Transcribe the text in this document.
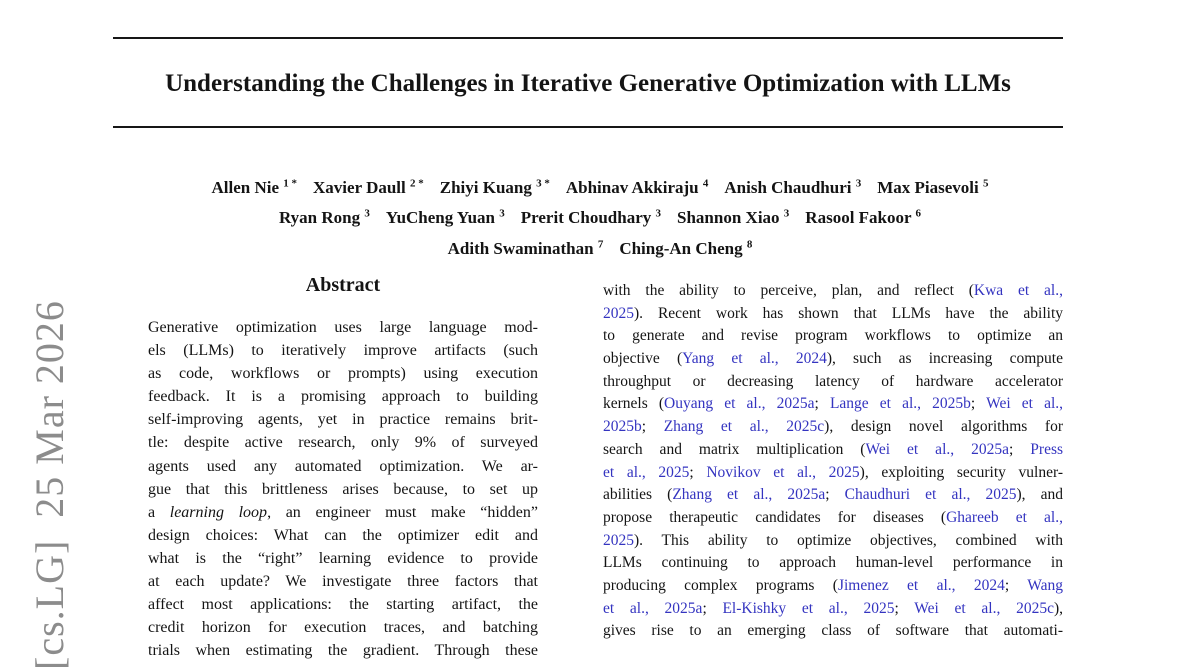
Understanding the Challenges in Iterative Generative Optimization with LLMs
Allen Nie $^{1 *}$ Xavier Daull $^{2 *}$ Zhiyi Kuang $^{3 *}$ Abhinav Akkiraju $^4$ Anish Chaudhuri $^3$ Max Piasevoli $^5$
Ryan Rong $^3$ YuCheng Yuan $^3$ Prerit Choudhary $^3$ Shannon Xiao $^3$ Rasool Fakoor $^6$
Adith Swaminathan $^7$ Ching-An Cheng $^8$
Abstract
Generative optimization uses large language mod-
els (LLMs) to iteratively improve artifacts (such
as code, workflows or prompts) using execution
feedback. It is a promising approach to building
self-improving agents, yet in practice remains brit-
tle: despite active research, only 9% of surveyed
agents used any automated optimization. We ar-
gue that this brittleness arises because, to set up
a learning loop, an engineer must make “hidden”
design choices: What can the optimizer edit and
what is the “right” learning evidence to provide
at each update? We investigate three factors that
affect most applications: the starting artifact, the
credit horizon for execution traces, and batching
trials when estimating the gradient. Through these
with the ability to perceive, plan, and reflect (Kwa et al.,
2025). Recent work has shown that LLMs have the ability
to generate and revise program workflows to optimize an
objective (Yang et al., 2024), such as increasing compute
throughput or decreasing latency of hardware accelerator
kernels (Ouyang et al., 2025a; Lange et al., 2025b; Wei et al.,
2025b; Zhang et al., 2025c), design novel algorithms for
search and matrix multiplication (Wei et al., 2025a; Press
et al., 2025; Novikov et al., 2025), exploiting security vulner-
abilities (Zhang et al., 2025a; Chaudhuri et al., 2025), and
propose therapeutic candidates for diseases (Ghareeb et al.,
2025). This ability to optimize objectives, combined with
LLMs continuing to approach human-level performance in
producing complex programs (Jimenez et al., 2024; Wang
et al., 2025a; El-Kishky et al., 2025; Wei et al., 2025c),
gives rise to an emerging class of software that automati-
[cs.LG]  25 Mar 2026
